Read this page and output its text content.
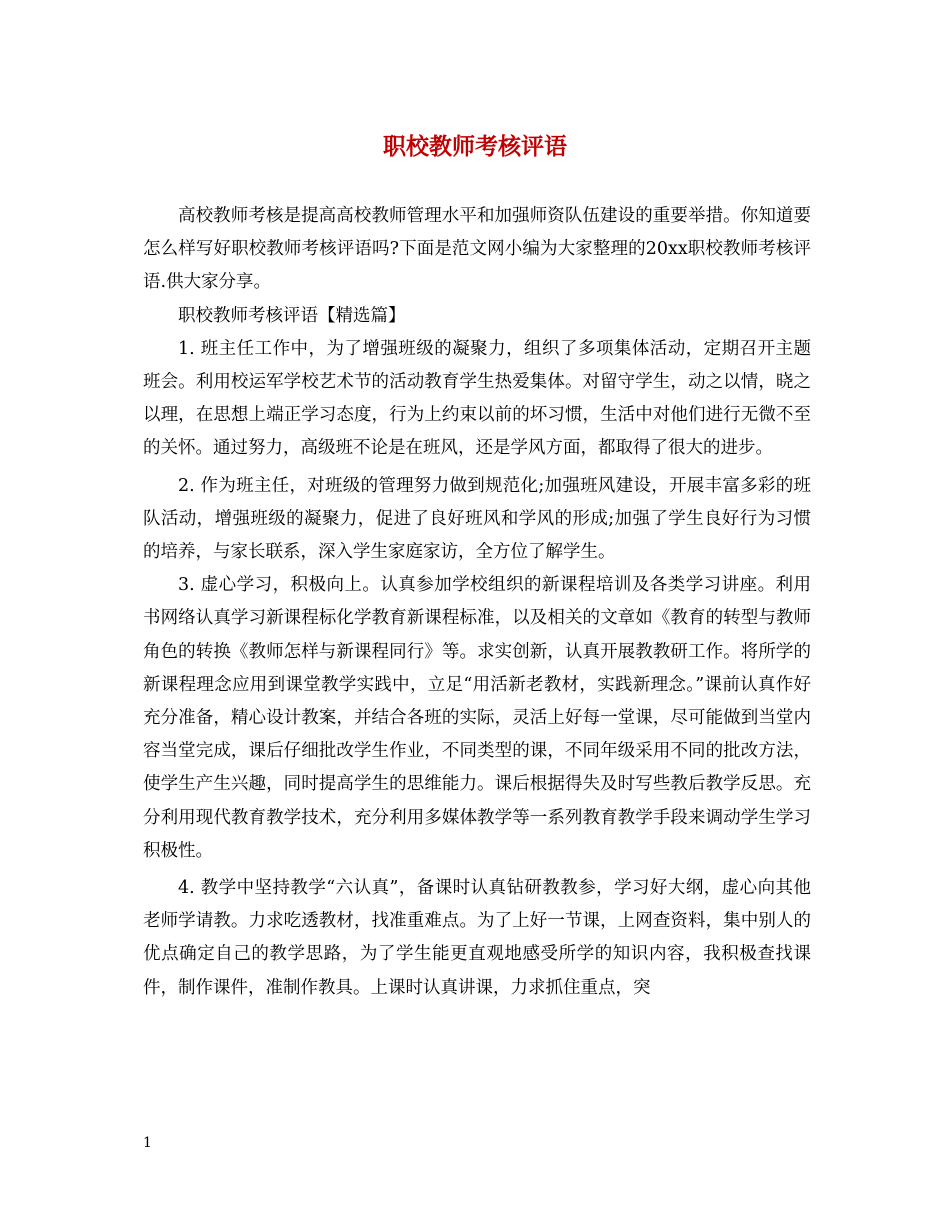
职校教师考核评语

高校教师考核是提高高校教师管理水平和加强师资队伍建设的重要举措。你知道要怎么样写好职校教师考核评语吗?下面是范文网小编为大家整理的20xx职校教师考核评语.供大家分享。

职校教师考核评语【精选篇】

1. 班主任工作中，为了增强班级的凝聚力，组织了多项集体活动，定期召开主题班会。利用校运军学校艺术节的活动教育学生热爱集体。对留守学生，动之以情，晓之以理，在思想上端正学习态度，行为上约束以前的坏习惯，生活中对他们进行无微不至的关怀。通过努力，高级班不论是在班风，还是学风方面，都取得了很大的进步。

2. 作为班主任，对班级的管理努力做到规范化;加强班风建设，开展丰富多彩的班队活动，增强班级的凝聚力，促进了良好班风和学风的形成;加强了学生良好行为习惯的培养，与家长联系，深入学生家庭家访，全方位了解学生。

3. 虚心学习，积极向上。认真参加学校组织的新课程培训及各类学习讲座。利用书网络认真学习新课程标化学教育新课程标准，以及相关的文章如《教育的转型与教师角色的转换《教师怎样与新课程同行》等。求实创新，认真开展教教研工作。将所学的新课程理念应用到课堂教学实践中，立足“用活新老教材，实践新理念。”课前认真作好充分准备，精心设计教案，并结合各班的实际，灵活上好每一堂课，尽可能做到当堂内容当堂完成，课后仔细批改学生作业，不同类型的课，不同年级采用不同的批改方法，使学生产生兴趣，同时提高学生的思维能力。课后根据得失及时写些教后教学反思。充分利用现代教育教学技术，充分利用多媒体教学等一系列教育教学手段来调动学生学习积极性。

4. 教学中坚持教学“六认真”，备课时认真钻研教教参，学习好大纲，虚心向其他老师学请教。力求吃透教材，找准重难点。为了上好一节课，上网查资料，集中别人的优点确定自己的教学思路，为了学生能更直观地感受所学的知识内容，我积极查找课件，制作课件，准制作教具。上课时认真讲课，力求抓住重点，突

1
